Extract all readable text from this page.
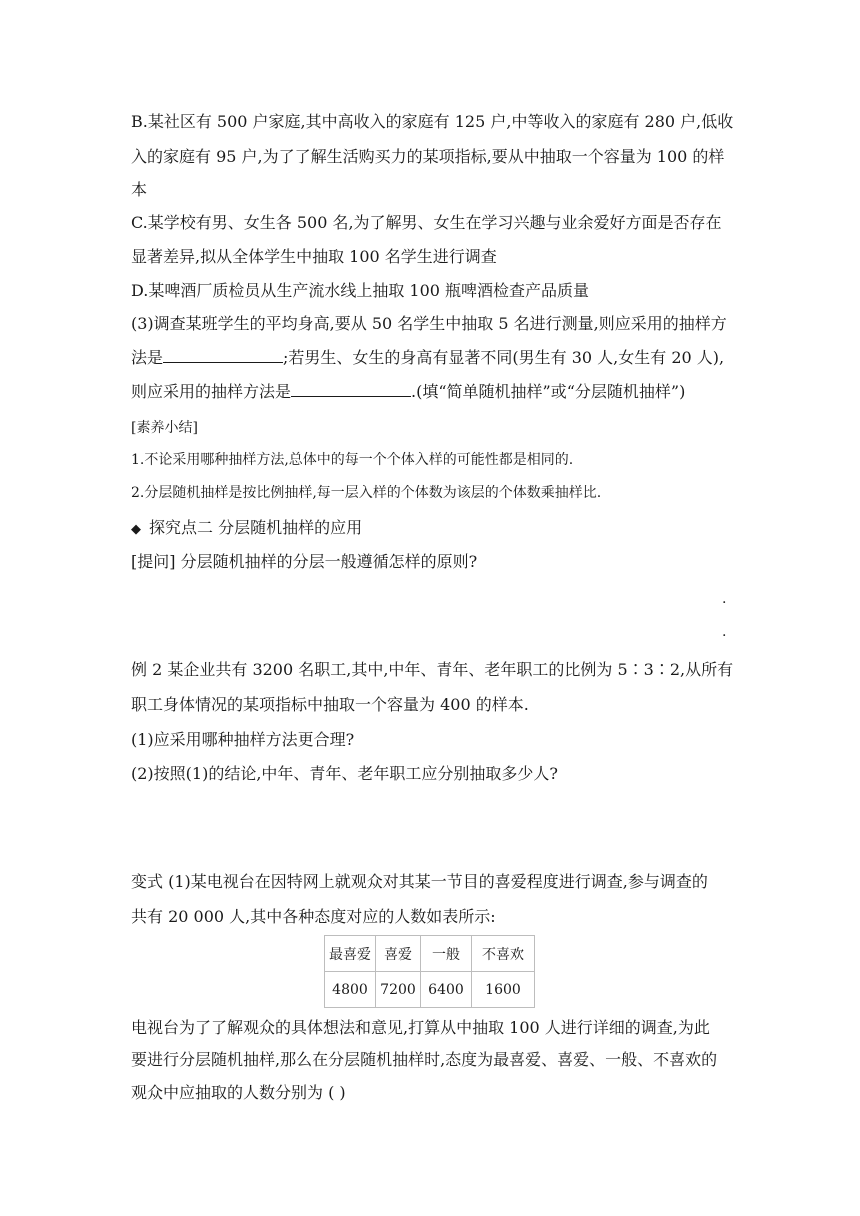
B.某社区有 500 户家庭,其中高收入的家庭有 125 户,中等收入的家庭有 280 户,低收
入的家庭有 95 户,为了了解生活购买力的某项指标,要从中抽取一个容量为 100 的样
本
C.某学校有男、女生各 500 名,为了解男、女生在学习兴趣与业余爱好方面是否存在
显著差异,拟从全体学生中抽取 100 名学生进行调查
D.某啤酒厂质检员从生产流水线上抽取 100 瓶啤酒检查产品质量
(3)调查某班学生的平均身高,要从 50 名学生中抽取 5 名进行测量,则应采用的抽样方
法是	;若男生、女生的身高有显著不同(男生有 30 人,女生有 20 人),
则应采用的抽样方法是	.(填“简单随机抽样”或“分层随机抽样”)
[素养小结]
1.不论采用哪种抽样方法,总体中的每一个个体入样的可能性都是相同的.
2.分层随机抽样是按比例抽样,每一层入样的个体数为该层的个体数乘抽样比.
◆ 探究点二 分层随机抽样的应用
[提问] 分层随机抽样的分层一般遵循怎样的原则?
.
.
例 2 某企业共有 3200 名职工,其中,中年、青年、老年职工的比例为 5∶3∶2,从所有
职工身体情况的某项指标中抽取一个容量为 400 的样本.
(1)应采用哪种抽样方法更合理?
(2)按照(1)的结论,中年、青年、老年职工应分别抽取多少人?
变式 (1)某电视台在因特网上就观众对其某一节目的喜爱程度进行调查,参与调查的
共有 20 000 人,其中各种态度对应的人数如表所示:
最喜爱	喜爱	一般	不喜欢
4800	7200	6400	1600
电视台为了了解观众的具体想法和意见,打算从中抽取 100 人进行详细的调查,为此
要进行分层随机抽样,那么在分层随机抽样时,态度为最喜爱、喜爱、一般、不喜欢的
观众中应抽取的人数分别为 ( )
